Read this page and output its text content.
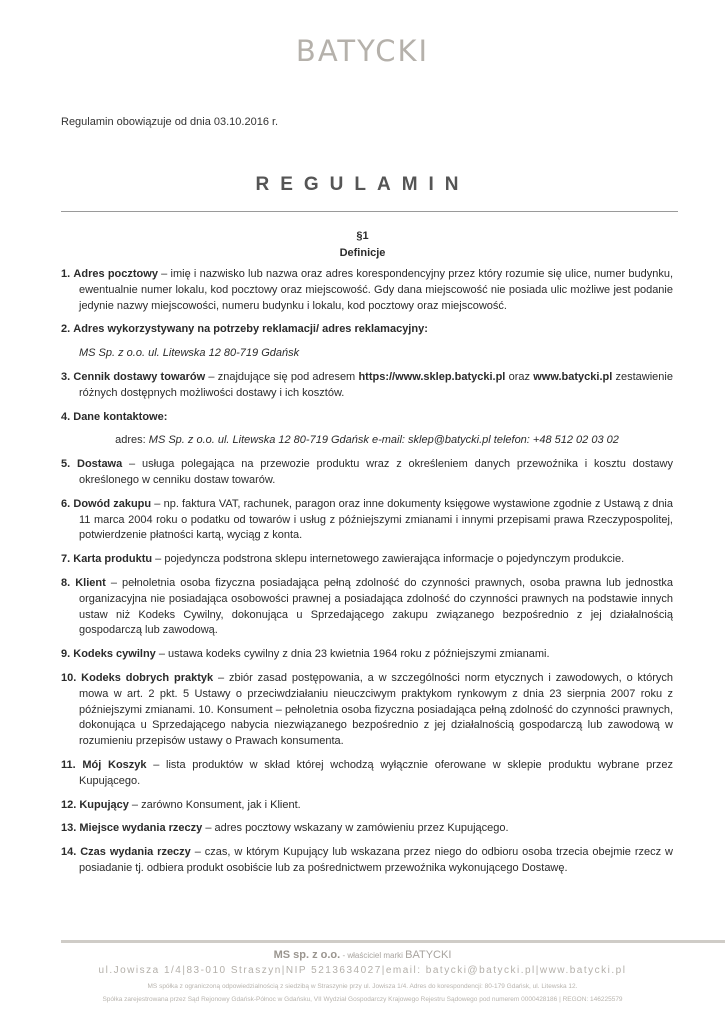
BATYCKI
Regulamin obowiązuje od dnia 03.10.2016 r.
REGULAMIN
§1
Definicje

1. Adres pocztowy – imię i nazwisko lub nazwa oraz adres korespondencyjny przez który rozumie się ulice, numer budynku, ewentualnie numer lokalu, kod pocztowy oraz miejscowość. Gdy dana miejscowość nie posiada ulic możliwe jest podanie jedynie nazwy miejscowości, numeru budynku i lokalu, kod pocztowy oraz miejscowość.

2. Adres wykorzystywany na potrzeby reklamacji/ adres reklamacyjny:

MS Sp. z o.o. ul. Litewska 12 80-719 Gdańsk

3. Cennik dostawy towarów – znajdujące się pod adresem https://www.sklep.batycki.pl oraz www.batycki.pl zestawienie różnych dostępnych możliwości dostawy i ich kosztów.

4. Dane kontaktowe:

adres: MS Sp. z o.o. ul. Litewska 12 80-719 Gdańsk e-mail: sklep@batycki.pl telefon: +48 512 02 03 02

5. Dostawa – usługa polegająca na przewozie produktu wraz z określeniem danych przewoźnika i kosztu dostawy określonego w cenniku dostaw towarów.

6. Dowód zakupu – np. faktura VAT, rachunek, paragon oraz inne dokumenty księgowe wystawione zgodnie z Ustawą z dnia 11 marca 2004 roku o podatku od towarów i usług z późniejszymi zmianami i innymi przepisami prawa Rzeczypospolitej, potwierdzenie płatności kartą, wyciąg z konta.

7. Karta produktu – pojedyncza podstrona sklepu internetowego zawierająca informacje o pojedynczym produkcie.

8. Klient – pełnoletnia osoba fizyczna posiadająca pełną zdolność do czynności prawnych, osoba prawna lub jednostka organizacyjna nie posiadająca osobowości prawnej a posiadająca zdolność do czynności prawnych na podstawie innych ustaw niż Kodeks Cywilny, dokonująca u Sprzedającego zakupu związanego bezpośrednio z jej działalnością gospodarczą lub zawodową.

9. Kodeks cywilny – ustawa kodeks cywilny z dnia 23 kwietnia 1964 roku z późniejszymi zmianami.

10. Kodeks dobrych praktyk – zbiór zasad postępowania, a w szczególności norm etycznych i zawodowych, o których mowa w art. 2 pkt. 5 Ustawy o przeciwdziałaniu nieuczciwym praktykom rynkowym z dnia 23 sierpnia 2007 roku z późniejszymi zmianami. 10. Konsument – pełnoletnia osoba fizyczna posiadająca pełną zdolność do czynności prawnych, dokonująca u Sprzedającego nabycia niezwiązanego bezpośrednio z jej działalnością gospodarczą lub zawodową w rozumieniu przepisów ustawy o Prawach konsumenta.

11. Mój Koszyk – lista produktów w skład której wchodzą wyłącznie oferowane w sklepie produktu wybrane przez Kupującego.

12. Kupujący – zarówno Konsument, jak i Klient.

13. Miejsce wydania rzeczy – adres pocztowy wskazany w zamówieniu przez Kupującego.

14. Czas wydania rzeczy – czas, w którym Kupujący lub wskazana przez niego do odbioru osoba trzecia obejmie rzecz w posiadanie tj. odbiera produkt osobiście lub za pośrednictwem przewoźnika wykonującego Dostawę.

MS sp. z o.o. - właściciel marki BATYCKI
ul.Jowisza 1/4|83-010 Straszyn|NIP 5213634027|email: batycki@batycki.pl|www.batycki.pl
MS spółka z ograniczoną odpowiedzialnością z siedzibą w Straszynie przy ul. Jowisza 1/4. Adres do korespondencji: 80-179 Gdańsk, ul. Litewska 12.
Spółka zarejestrowana przez Sąd Rejonowy Gdańsk-Północ w Gdańsku, VII Wydział Gospodarczy Krajowego Rejestru Sądowego pod numerem 0000428186 | REGON: 146225579
